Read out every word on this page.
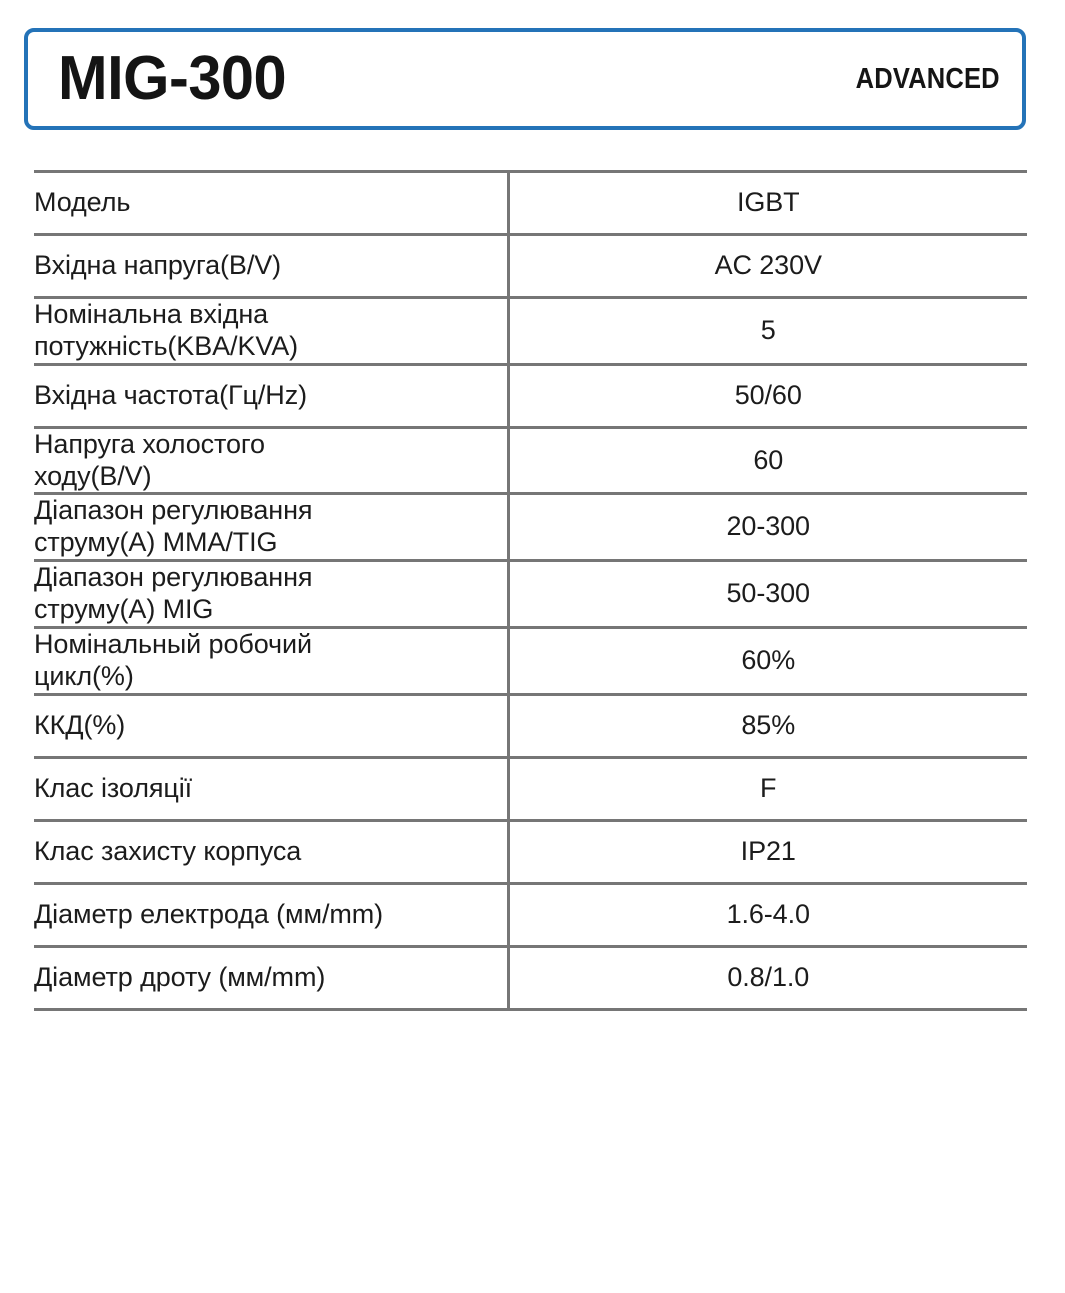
MIG-300	ADVANCED
Модель	IGBT
Вхідна напруга(В/V)	AC 230V

Номінальна вхідна
потужність(KBA/KVA)	5
Вхідна частота(Гц/Hz)	50/60

Напруга холостого
ходу(В/V)	60

Діапазон регулювання
струму(А) MMA/TIG	20-300

Діапазон регулювання
струму(А) MIG	50-300

Номінальный робочий
цикл(%)	60%
ККД(%)	85%
Клас ізоляції	F
Клас захисту корпуса	IP21
Діаметр електрода (мм/mm)	1.6-4.0
Діаметр дроту (мм/mm)	0.8/1.0
